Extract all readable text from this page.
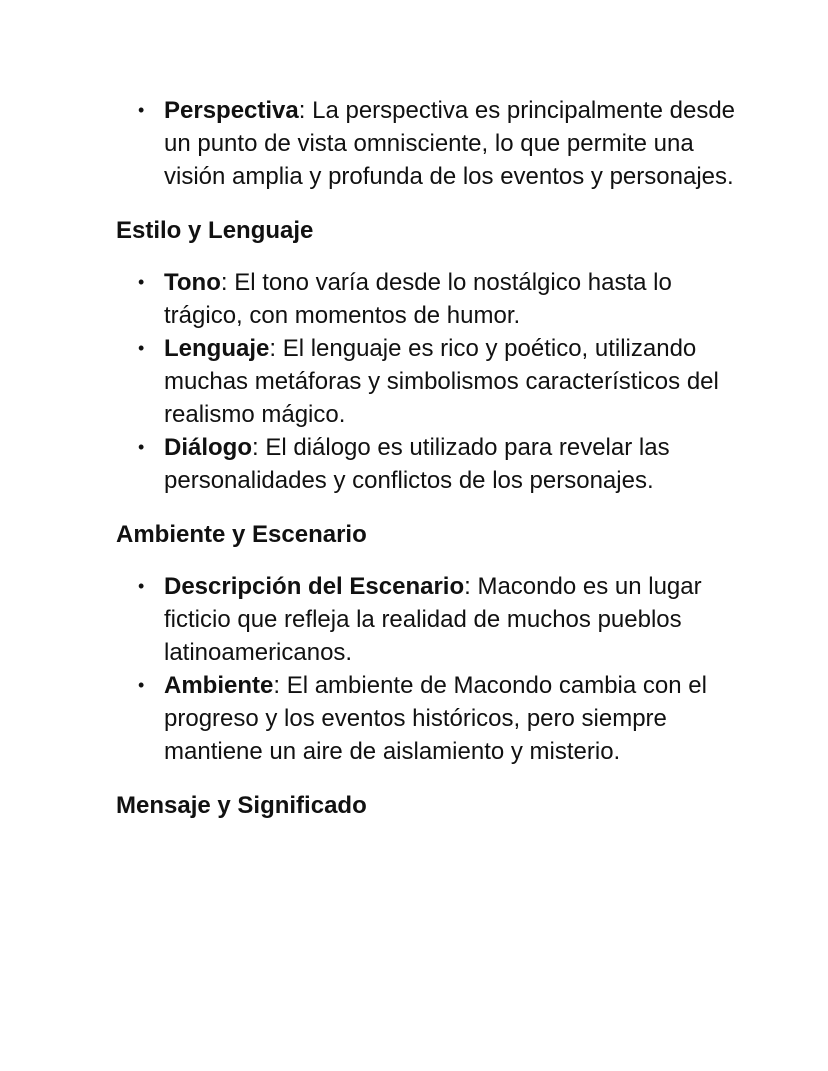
• Perspectiva: La perspectiva es principalmente desde un punto de vista omnisciente, lo que permite una visión amplia y profunda de los eventos y personajes.
Estilo y Lenguaje
• Tono: El tono varía desde lo nostálgico hasta lo trágico, con momentos de humor.
• Lenguaje: El lenguaje es rico y poético, utilizando muchas metáforas y simbolismos característicos del realismo mágico.
• Diálogo: El diálogo es utilizado para revelar las personalidades y conflictos de los personajes.
Ambiente y Escenario
• Descripción del Escenario: Macondo es un lugar ficticio que refleja la realidad de muchos pueblos latinoamericanos.
• Ambiente: El ambiente de Macondo cambia con el progreso y los eventos históricos, pero siempre mantiene un aire de aislamiento y misterio.
Mensaje y Significado
